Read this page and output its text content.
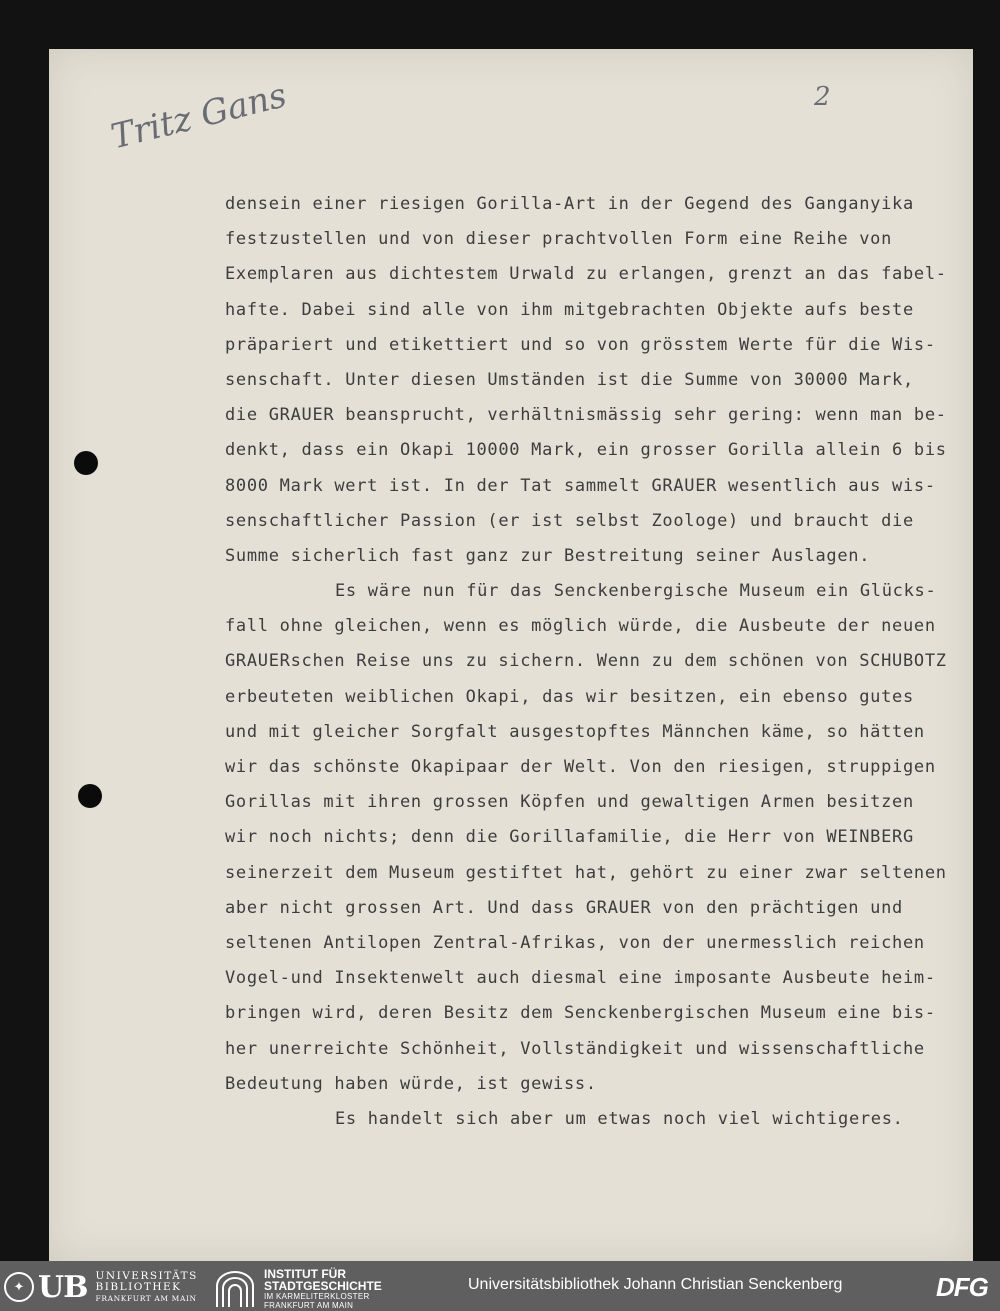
Tritz Gans	2
densein einer riesigen Gorilla-Art in der Gegend des Ganganyika
festzustellen und von dieser prachtvollen Form eine Reihe von
Exemplaren aus dichtestem Urwald zu erlangen, grenzt an das fabel-
hafte. Dabei sind alle von ihm mitgebrachten Objekte aufs beste
präpariert und etikettiert und so von grösstem Werte für die Wis-
senschaft. Unter diesen Umständen ist die Summe von 30000 Mark,
die GRAUER beansprucht, verhältnismässig sehr gering: wenn man be-
denkt, dass ein Okapi 10000 Mark, ein grosser Gorilla allein 6 bis
8000 Mark wert ist. In der Tat sammelt GRAUER wesentlich aus wis-
senschaftlicher Passion (er ist selbst Zoologe) und braucht die
Summe sicherlich fast ganz zur Bestreitung seiner Auslagen.
Es wäre nun für das Senckenbergische Museum ein Glücks-
fall ohne gleichen, wenn es möglich würde, die Ausbeute der neuen
GRAUERschen Reise uns zu sichern. Wenn zu dem schönen von SCHUBOTZ
erbeuteten weiblichen Okapi, das wir besitzen, ein ebenso gutes
und mit gleicher Sorgfalt ausgestopftes Männchen käme, so hätten
wir das schönste Okapipaar der Welt. Von den riesigen, struppigen
Gorillas mit ihren grossen Köpfen und gewaltigen Armen besitzen
wir noch nichts; denn die Gorillafamilie, die Herr von WEINBERG
seinerzeit dem Museum gestiftet hat, gehört zu einer zwar seltenen
aber nicht grossen Art. Und dass GRAUER von den prächtigen und
seltenen Antilopen Zentral-Afrikas, von der unermesslich reichen
Vogel-und Insektenwelt auch diesmal eine imposante Ausbeute heim-
bringen wird, deren Besitz dem Senckenbergischen Museum eine bis-
her unerreichte Schönheit, Vollständigkeit und wissenschaftliche
Bedeutung haben würde, ist gewiss.
Es handelt sich aber um etwas noch viel wichtigeres.
✦ UB UNIVERSITÄTS
BIBLIOTHEK
FRANKFURT AM MAIN
INSTITUT FÜR
STADTGESCHICHTE
IM KARMELITERKLOSTER
FRANKFURT AM MAIN
Universitätsbibliothek Johann Christian Senckenberg	DFG
